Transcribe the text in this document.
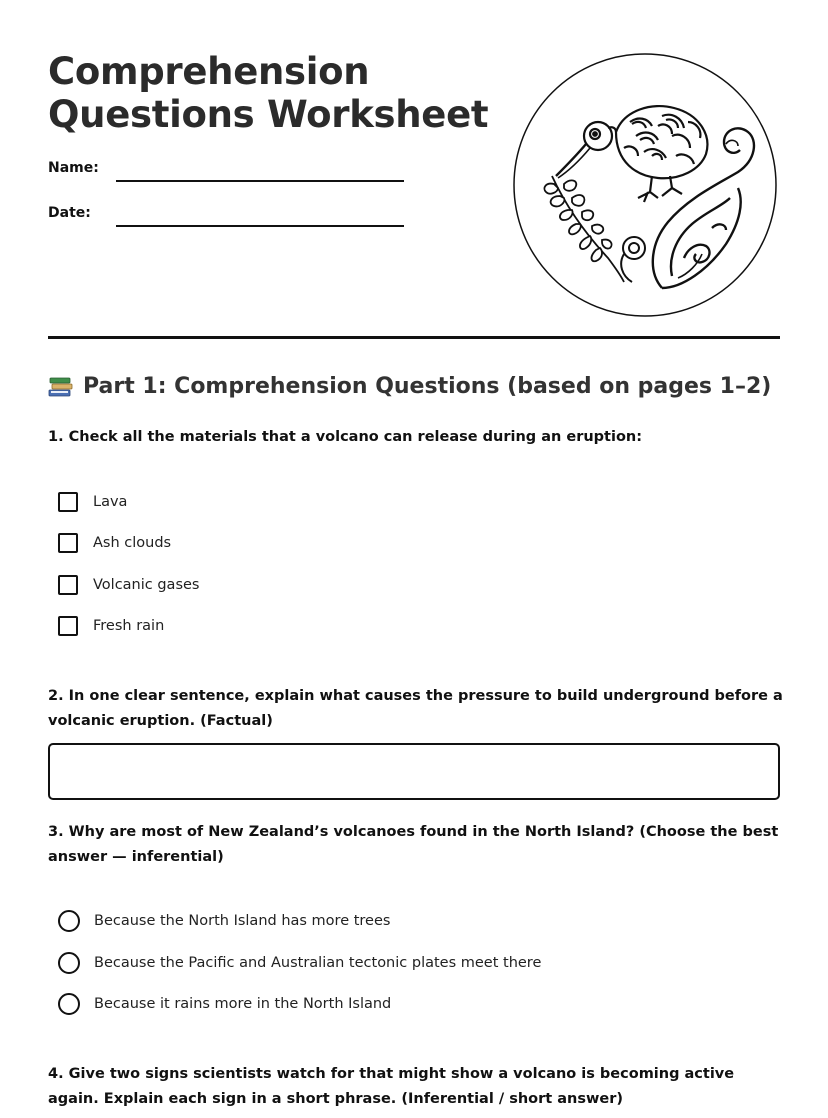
Comprehension
Questions Worksheet
Name:
Date:
Part 1: Comprehension Questions (based on pages 1–2)

1. Check all the materials that a volcano can release during an eruption:

Lava
Ash clouds
Volcanic gases
Fresh rain

2. In one clear sentence, explain what causes the pressure to build underground before a volcanic eruption. (Factual)

3. Why are most of New Zealand’s volcanoes found in the North Island? (Choose the best answer — inferential)

Because the North Island has more trees
Because the Pacific and Australian tectonic plates meet there
Because it rains more in the North Island

4. Give two signs scientists watch for that might show a volcano is becoming active again. Explain each sign in a short phrase. (Inferential / short answer)
